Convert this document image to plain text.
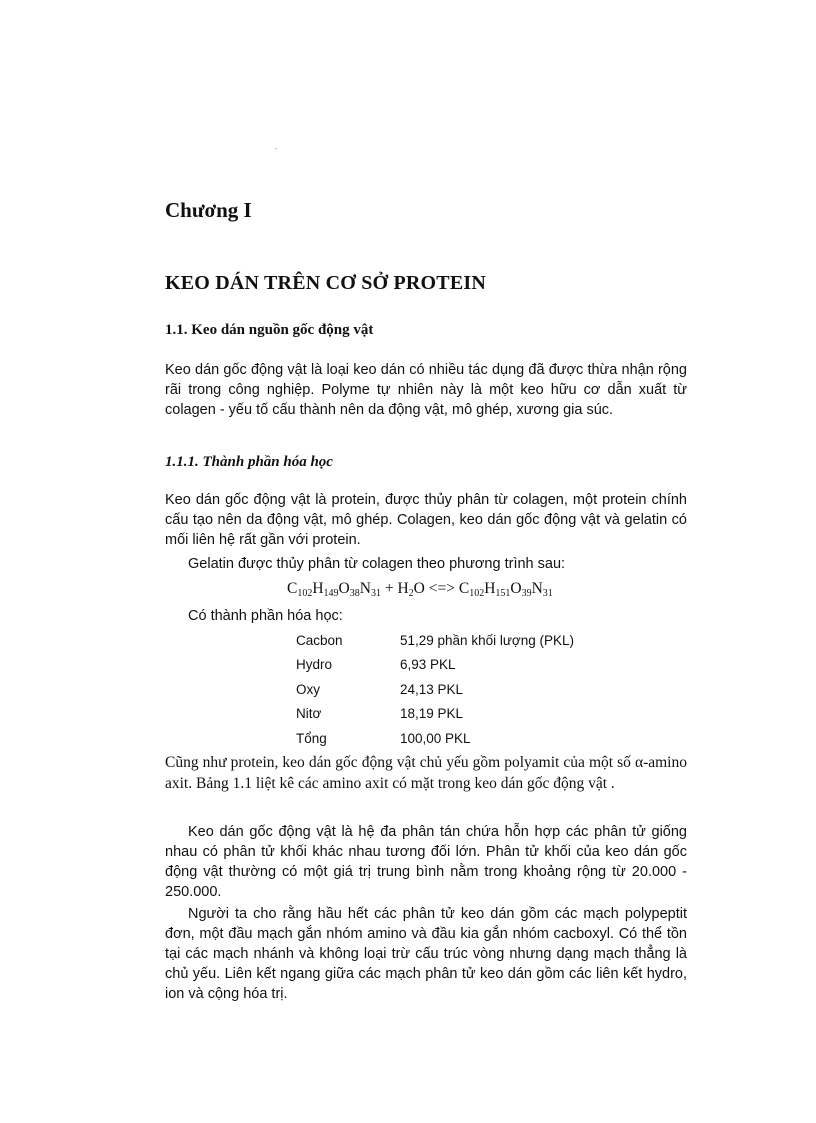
Chương I
KEO DÁN TRÊN CƠ SỞ PROTEIN
1.1. Keo dán nguồn gốc động vật

Keo dán gốc động vật là loại keo dán có nhiều tác dụng đã được thừa nhận rộng rãi trong công nghiệp. Polyme tự nhiên này là một keo hữu cơ dẫn xuất từ colagen - yếu tố cấu thành nên da động vật, mô ghép, xương gia súc.

1.1.1. Thành phần hóa học

Keo dán gốc động vật là protein, được thủy phân từ colagen, một protein chính cấu tạo nên da động vật, mô ghép. Colagen, keo dán gốc động vật và gelatin có mối liên hệ rất gần với protein.

Gelatin được thủy phân từ colagen theo phương trình sau:

$C_{102}H_{149}O_{38}N_{31} + H_2O$ <=> $C_{102}H_{151}O_{39}N_{31}$

Có thành phần hóa học:

Cacbon	51,29 phần khối lượng (PKL)
Hydro	6,93 PKL
Oxy	24,13 PKL
Nitơ	18,19 PKL
Tổng	100,00 PKL

Cũng như protein, keo dán gốc động vật chủ yếu gồm polyamit của một số α-amino axit. Bảng 1.1 liệt kê các amino axit có mặt trong keo dán gốc động vật .

Keo dán gốc động vật là hệ đa phân tán chứa hỗn hợp các phân tử giống nhau có phân tử khối khác nhau tương đối lớn. Phân tử khối của keo dán gốc động vật thường có một giá trị trung bình nằm trong khoảng rộng từ 20.000 - 250.000.

Người ta cho rằng hầu hết các phân tử keo dán gồm các mạch polypeptit đơn, một đầu mạch gắn nhóm amino và đầu kia gắn nhóm cacboxyl. Có thể tồn tại các mạch nhánh và không loại trừ cấu trúc vòng nhưng dạng mạch thẳng là chủ yếu. Liên kết ngang giữa các mạch phân tử keo dán gồm các liên kết hydro, ion và cộng hóa trị.
